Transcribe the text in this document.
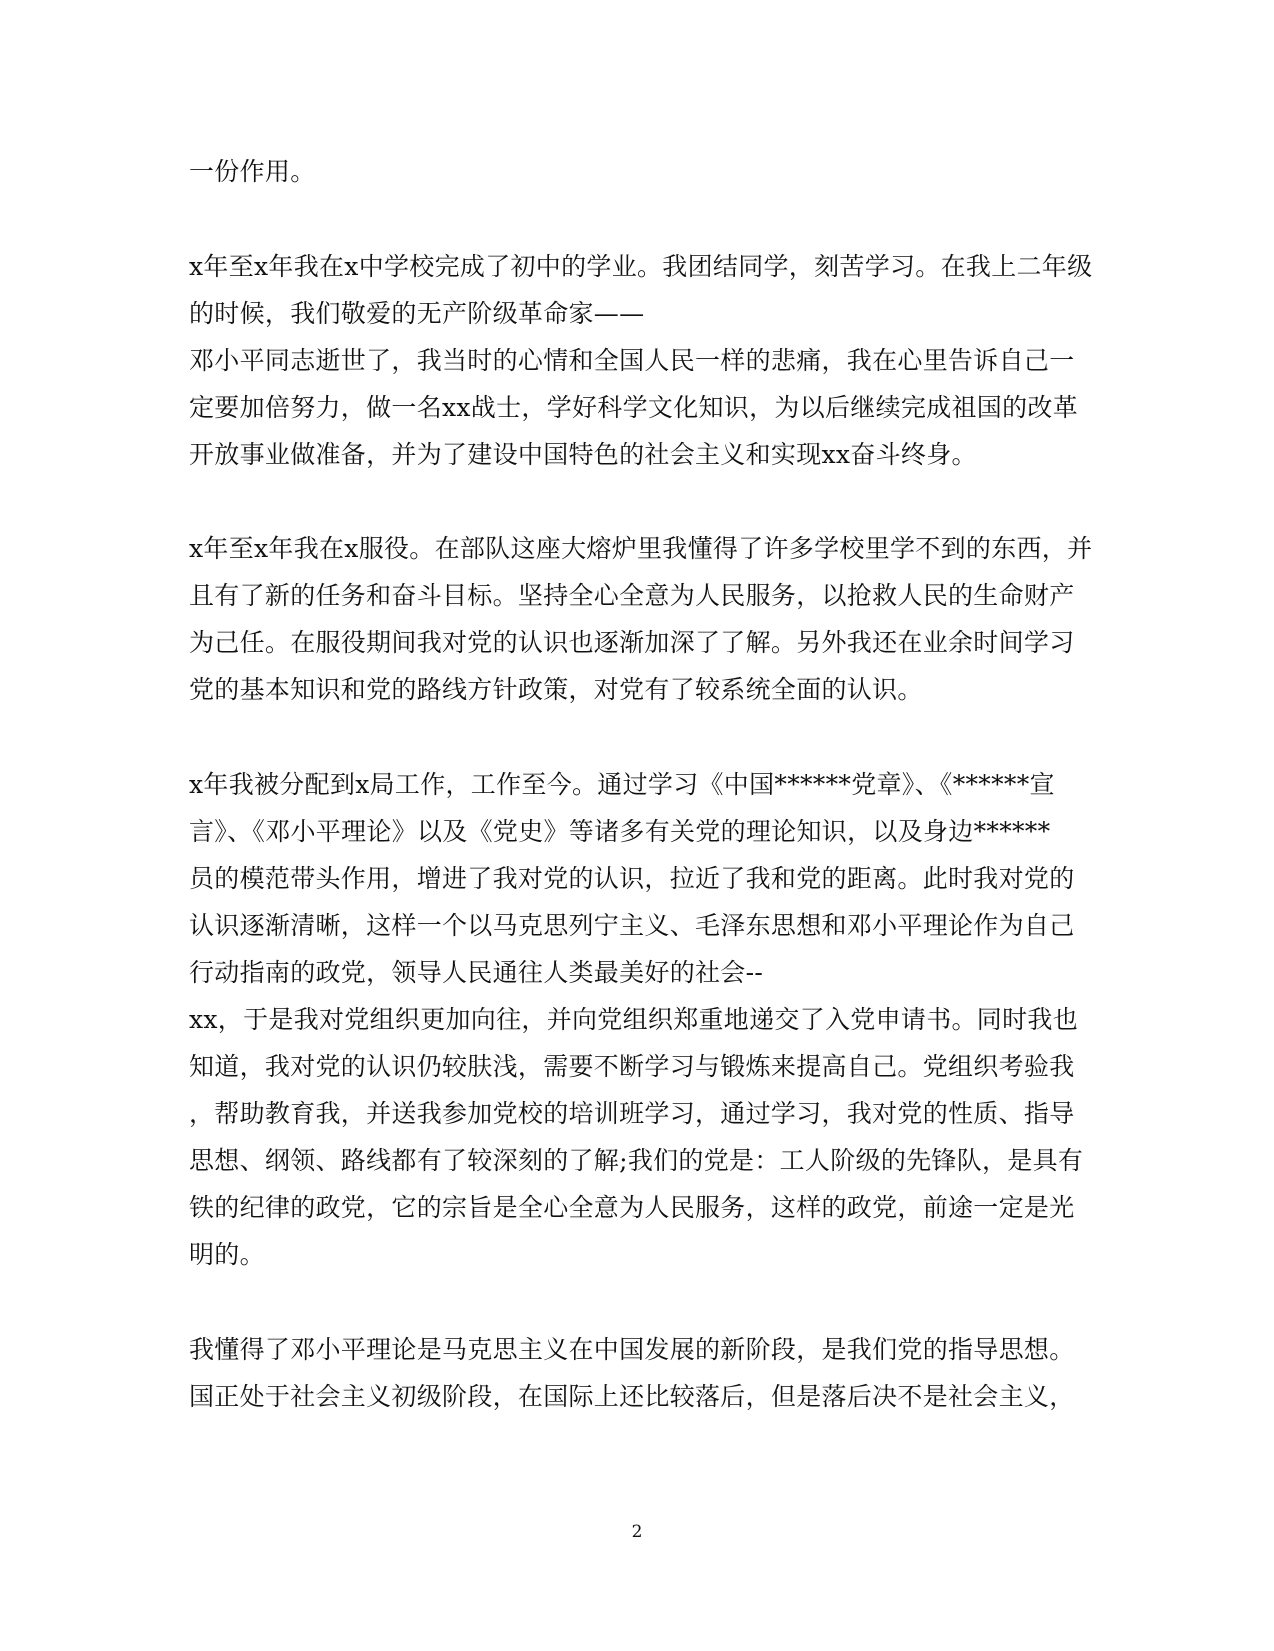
一份作用。
x年至x年我在x中学校完成了初中的学业。我团结同学，刻苦学习。在我上二年级
的时候，我们敬爱的无产阶级革命家——
邓小平同志逝世了，我当时的心情和全国人民一样的悲痛，我在心里告诉自己一
定要加倍努力，做一名xx战士，学好科学文化知识，为以后继续完成祖国的改革
开放事业做准备，并为了建设中国特色的社会主义和实现xx奋斗终身。
x年至x年我在x服役。在部队这座大熔炉里我懂得了许多学校里学不到的东西，并
且有了新的任务和奋斗目标。坚持全心全意为人民服务，以抢救人民的生命财产
为己任。在服役期间我对党的认识也逐渐加深了了解。另外我还在业余时间学习
党的基本知识和党的路线方针政策，对党有了较系统全面的认识。
x年我被分配到x局工作，工作至今。通过学习《中国******党章》、《******宣
言》、《邓小平理论》以及《党史》等诸多有关党的理论知识，以及身边******
员的模范带头作用，增进了我对党的认识，拉近了我和党的距离。此时我对党的
认识逐渐清晰，这样一个以马克思列宁主义、毛泽东思想和邓小平理论作为自己
行动指南的政党，领导人民通往人类最美好的社会--
xx，于是我对党组织更加向往，并向党组织郑重地递交了入党申请书。同时我也
知道，我对党的认识仍较肤浅，需要不断学习与锻炼来提高自己。党组织考验我
，帮助教育我，并送我参加党校的培训班学习，通过学习，我对党的性质、指导
思想、纲领、路线都有了较深刻的了解;我们的党是：工人阶级的先锋队，是具有
铁的纪律的政党，它的宗旨是全心全意为人民服务，这样的政党，前途一定是光
明的。
我懂得了邓小平理论是马克思主义在中国发展的新阶段，是我们党的指导思想。
国正处于社会主义初级阶段，在国际上还比较落后，但是落后决不是社会主义，
2
